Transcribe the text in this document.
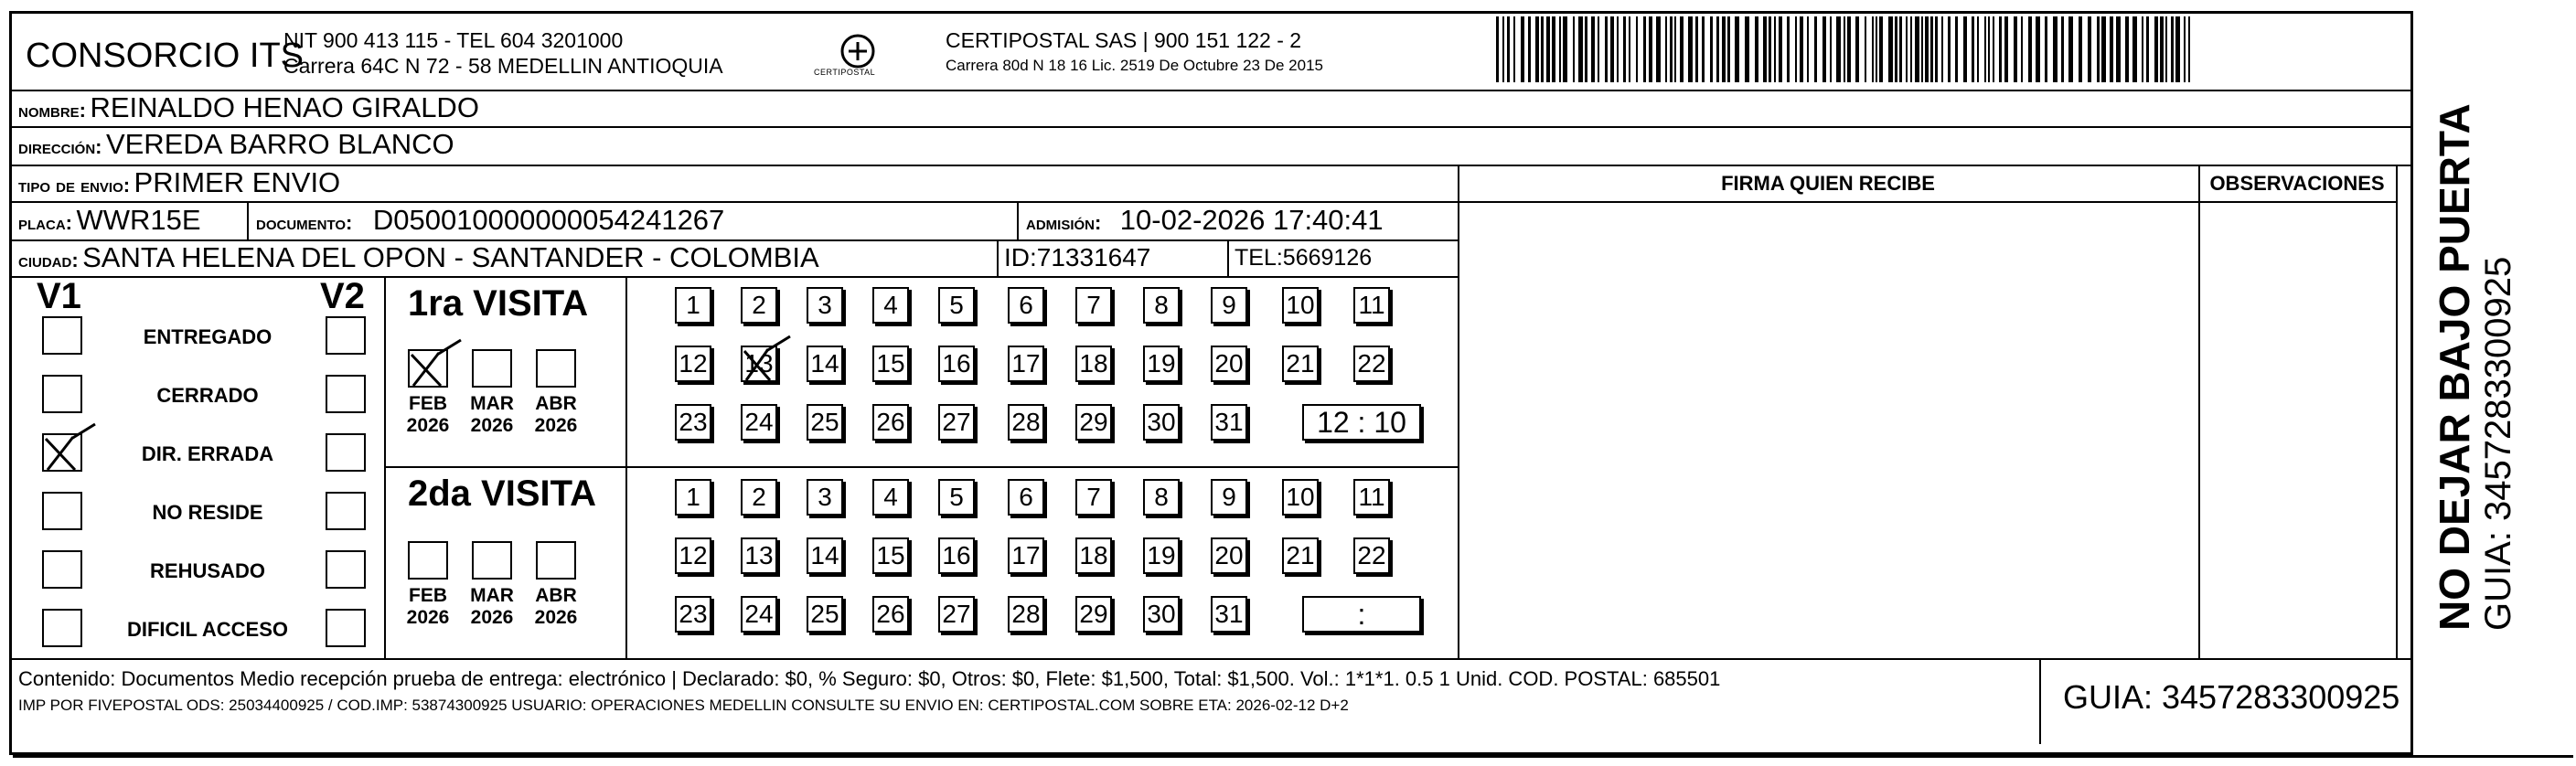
CONSORCIO ITS
NIT 900 413 115 - TEL 604 3201000
Carrera 64C N 72 - 58 MEDELLIN ANTIOQUIA	CERTIPOSTAL
CERTIPOSTAL SAS | 900 151 122 - 2
Carrera 80d N 18 16 Lic. 2519 De Octubre 23 De 2015
nombre: REINALDO HENAO GIRALDO
dirección: VEREDA BARRO BLANCO
tipo de envio: PRIMER ENVIO	FIRMA QUIEN RECIBE	OBSERVACIONES
placa: WWR15E	documento: D050010000000054241267	admisión: 10-02-2026 17:40:41
ciudad: SANTA HELENA DEL OPON - SANTANDER - COLOMBIA	ID:71331647	TEL:5669126	NO DEJAR BAJO PUERTA GUIA: 3457283300925
V1	V2
ENTREGADO
CERRADO
DIR. ERRADA
NO RESIDE
REHUSADO
DIFICIL ACCESO
1ra VISITA
2da VISITA
FEB
2026
MAR
2026
ABR
2026
1	2	3	4	5	6	7	8	9	10 11
12 13 14 15 16 17 18 19 20 21 22
23 24 25 26 27 28 29 30 31	12 : 10
FEB
2026
MAR
2026
ABR
2026
1	2	3	4	5	6	7	8	9	10 11
12 13 14 15 16 17 18 19 20 21 22
23 24 25 26 27 28 29 30 31	:
Contenido: Documentos Medio recepción prueba de entrega: electrónico | Declarado: $0, % Seguro: $0, Otros: $0, Flete: $1,500, Total: $1,500. Vol.: 1*1*1. 0.5 1 Unid. COD. POSTAL: 685501
IMP POR FIVEPOSTAL ODS: 25034400925 / COD.IMP: 53874300925 USUARIO: OPERACIONES MEDELLIN CONSULTE SU ENVIO EN: CERTIPOSTAL.COM SOBRE ETA: 2026-02-12 D+2	GUIA: 3457283300925
